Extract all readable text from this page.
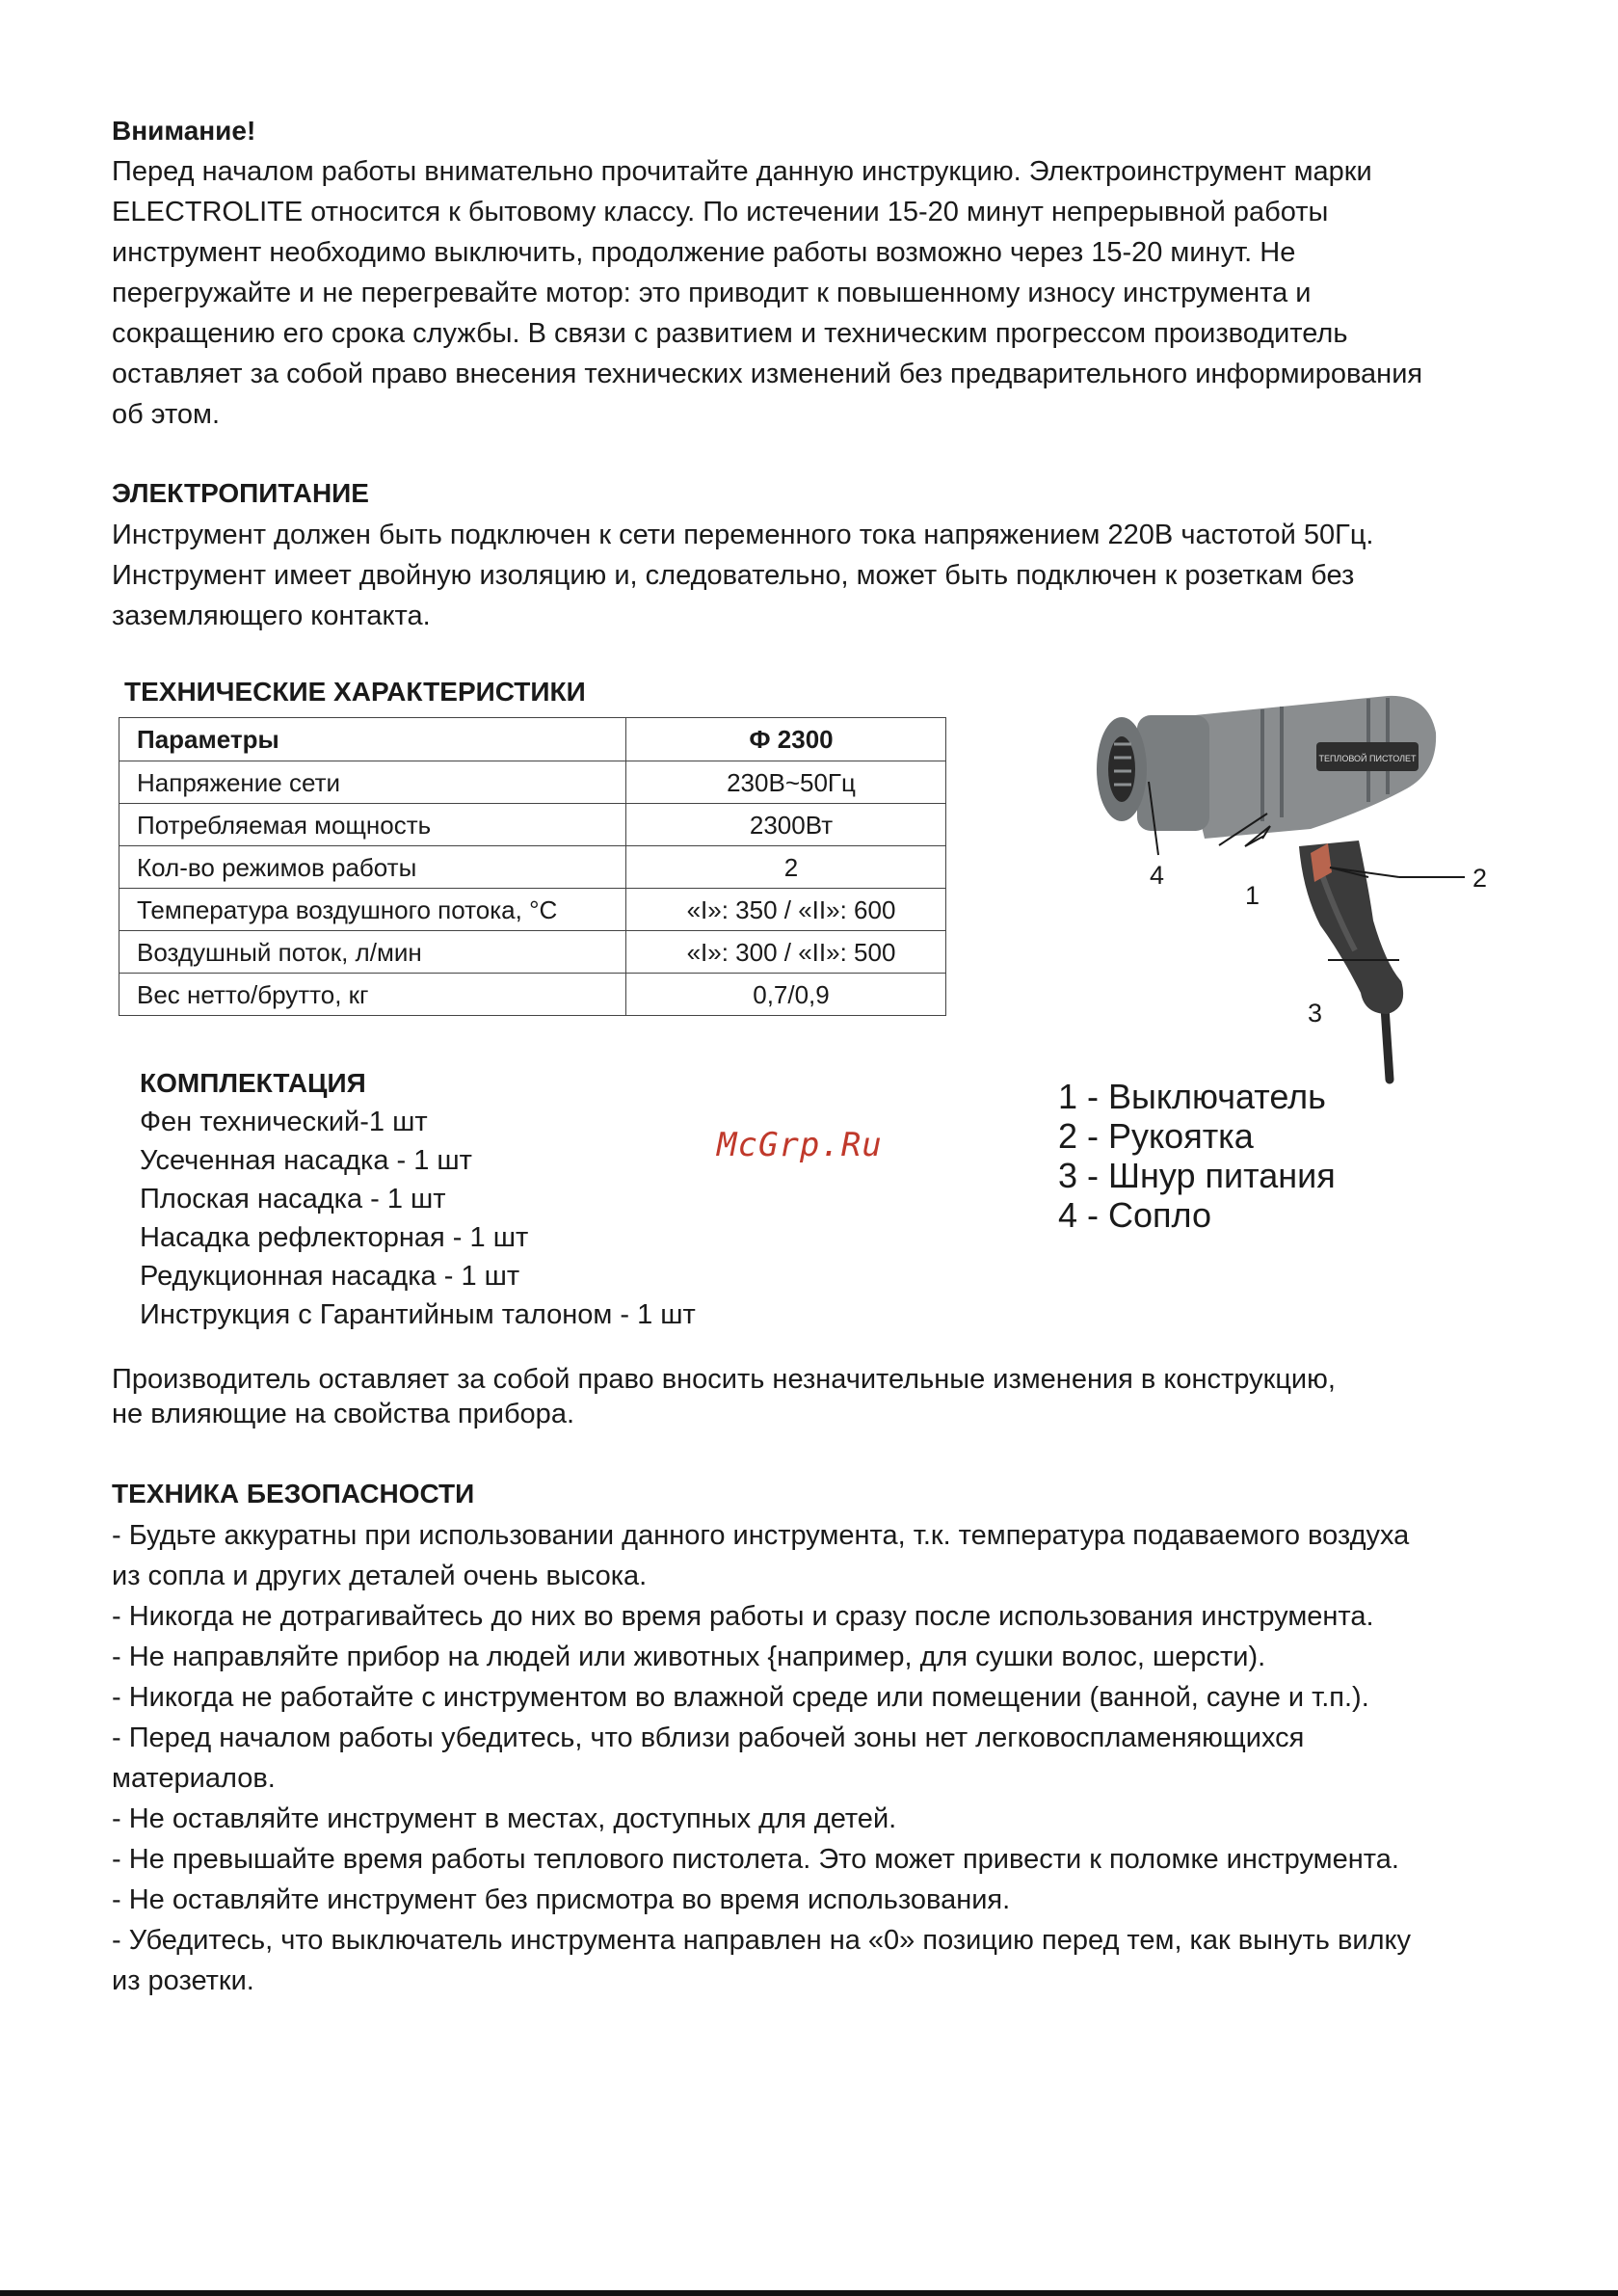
Внимание!
Перед началом работы внимательно прочитайте данную инструкцию. Электроинструмент марки
ELECTROLITE относится к бытовому классу. По истечении 15-20 минут непрерывной работы
инструмент необходимо выключить, продолжение работы возможно через 15-20 минут. Не
перегружайте и не перегревайте мотор: это приводит к повышенному износу инструмента и
сокращению его срока службы. В связи с развитием и техническим прогрессом производитель
оставляет за собой право внесения технических изменений без предварительного информирования
об этом.
ЭЛЕКТРОПИТАНИЕ
Инструмент должен быть подключен к сети переменного тока напряжением 220В частотой 50Гц.
Инструмент имеет двойную изоляцию и, следовательно, может быть подключен к розеткам без
заземляющего контакта.
ТЕХНИЧЕСКИЕ ХАРАКТЕРИСТИКИ
Параметры	Ф 2300
Напряжение сети	230В~50Гц
Потребляемая мощность	2300Вт
Кол-во режимов работы	2
Температура воздушного потока, °С	«I»: 350 / «II»: 600
Воздушный поток, л/мин	«I»: 300 / «II»: 500
Вес нетто/брутто, кг	0,7/0,9
ТЕПЛОВОЙ ПИСТОЛЕТ
4
1
2
3
1 - Выключатель
2 - Рукоятка
3 - Шнур питания
4 - Сопло
КОМПЛЕКТАЦИЯ
Фен технический-1 шт
Усеченная насадка - 1 шт
Плоская насадка - 1 шт
Насадка рефлекторная - 1 шт
Редукционная насадка - 1 шт
Инструкция с Гарантийным талоном - 1 шт
McGrp.Ru
Производитель оставляет за собой право вносить незначительные изменения в конструкцию,
не влияющие на свойства прибора.
ТЕХНИКА БЕЗОПАСНОСТИ
- Будьте аккуратны при использовании данного инструмента, т.к. температура подаваемого воздуха
из сопла и других деталей очень высока.
- Никогда не дотрагивайтесь до них во время работы и сразу после использования инструмента.
- Не направляйте прибор на людей или животных {например, для сушки волос, шерсти).
- Никогда не работайте с инструментом во влажной среде или помещении (ванной, сауне и т.п.).
- Перед началом работы убедитесь, что вблизи рабочей зоны нет легковоспламеняющихся
материалов.
- Не оставляйте инструмент в местах, доступных для детей.
- Не превышайте время работы теплового пистолета. Это может привести к поломке инструмента.
- Не оставляйте инструмент без присмотра во время использования.
- Убедитесь, что выключатель инструмента направлен на «0» позицию перед тем, как вынуть вилку
из розетки.
